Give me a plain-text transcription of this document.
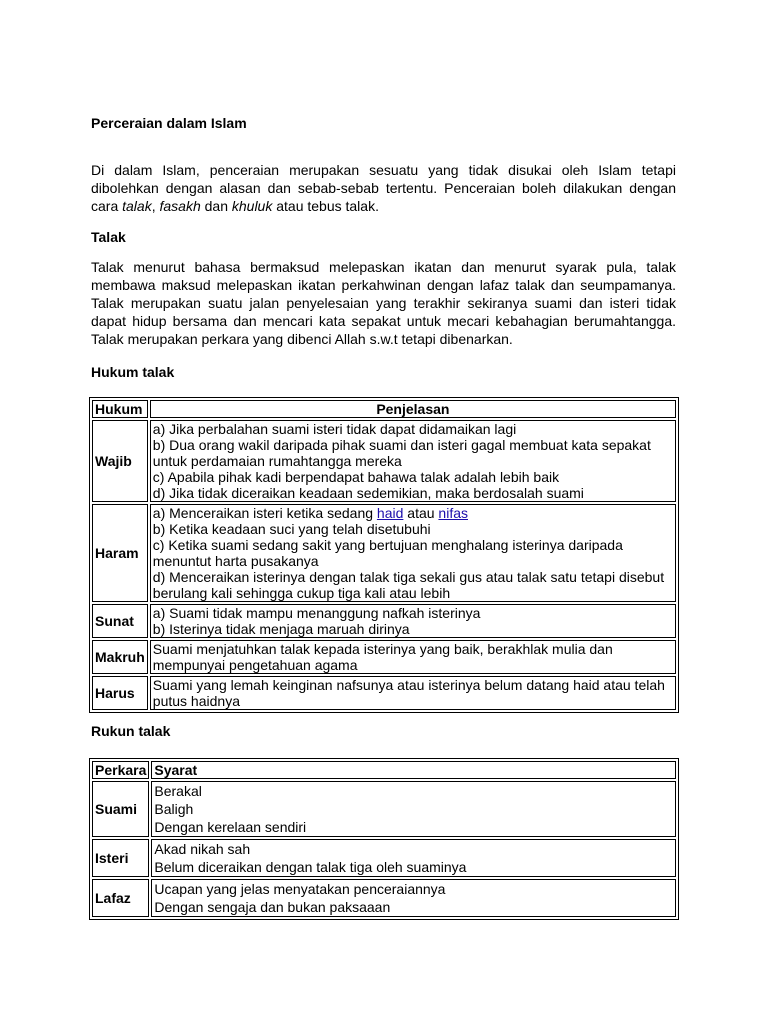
Perceraian dalam Islam
Di dalam Islam, penceraian merupakan sesuatu yang tidak disukai oleh Islam tetapi dibolehkan dengan alasan dan sebab-sebab tertentu. Penceraian boleh dilakukan dengan cara talak, fasakh dan khuluk atau tebus talak.
Talak
Talak menurut bahasa bermaksud melepaskan ikatan dan menurut syarak pula, talak membawa maksud melepaskan ikatan perkahwinan dengan lafaz talak dan seumpamanya. Talak merupakan suatu jalan penyelesaian yang terakhir sekiranya suami dan isteri tidak dapat hidup bersama dan mencari kata sepakat untuk mecari kebahagian berumahtangga. Talak merupakan perkara yang dibenci Allah s.w.t tetapi dibenarkan.
Hukum talak
Hukum	Penjelasan
Wajib	a) Jika perbalahan suami isteri tidak dapat didamaikan lagi
b) Dua orang wakil daripada pihak suami dan isteri gagal membuat kata sepakat untuk perdamaian rumahtangga mereka
c) Apabila pihak kadi berpendapat bahawa talak adalah lebih baik
d) Jika tidak diceraikan keadaan sedemikian, maka berdosalah suami

Haram	a) Menceraikan isteri ketika sedang haid atau nifas
b) Ketika keadaan suci yang telah disetubuhi
c) Ketika suami sedang sakit yang bertujuan menghalang isterinya daripada menuntut harta pusakanya
d) Menceraikan isterinya dengan talak tiga sekali gus atau talak satu tetapi disebut berulang kali sehingga cukup tiga kali atau lebih

Sunat	a) Suami tidak mampu menanggung nafkah isterinya
b) Isterinya tidak menjaga maruah dirinya

Makruh	Suami menjatuhkan talak kepada isterinya yang baik, berakhlak mulia dan mempunyai pengetahuan agama
Harus	Suami yang lemah keinginan nafsunya atau isterinya belum datang haid atau telah putus haidnya
Rukun talak
Perkara	Syarat
Suami	Berakal
Baligh
Dengan kerelaan sendiri

Isteri	Akad nikah sah
Belum diceraikan dengan talak tiga oleh suaminya

Lafaz	Ucapan yang jelas menyatakan penceraiannya
Dengan sengaja dan bukan paksaaan
